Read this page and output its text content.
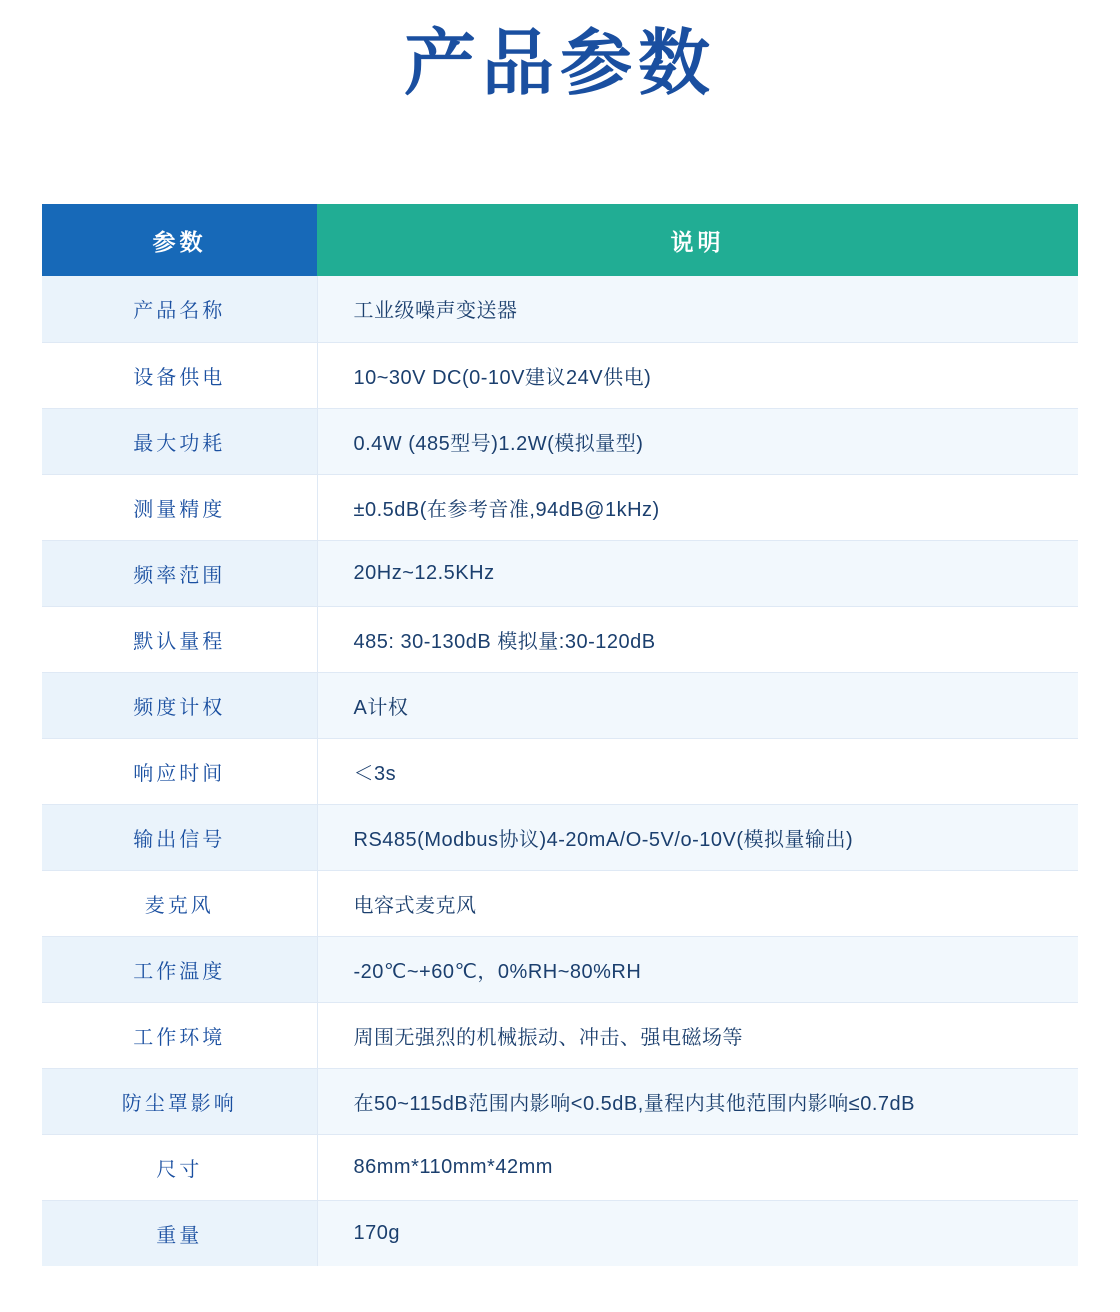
产品参数
参数	说明
产品名称	工业级噪声变送器
设备供电	10~30V DC(0-10V建议24V供电)
最大功耗	0.4W (485型号)1.2W(模拟量型)
测量精度	±0.5dB(在参考音准,94dB@1kHz)
频率范围	20Hz~12.5KHz
默认量程	485: 30-130dB 模拟量:30-120dB
频度计权	A计权
响应时间	＜3s
输出信号	RS485(Modbus协议)4-20mA/O-5V/o-10V(模拟量输出)
麦克风	电容式麦克风
工作温度	-20℃~+60℃，0%RH~80%RH
工作环境	周围无强烈的机械振动、冲击、强电磁场等
防尘罩影响	在50~115dB范围内影响<0.5dB,量程内其他范围内影响≤0.7dB
尺寸	86mm*110mm*42mm
重量	170g
